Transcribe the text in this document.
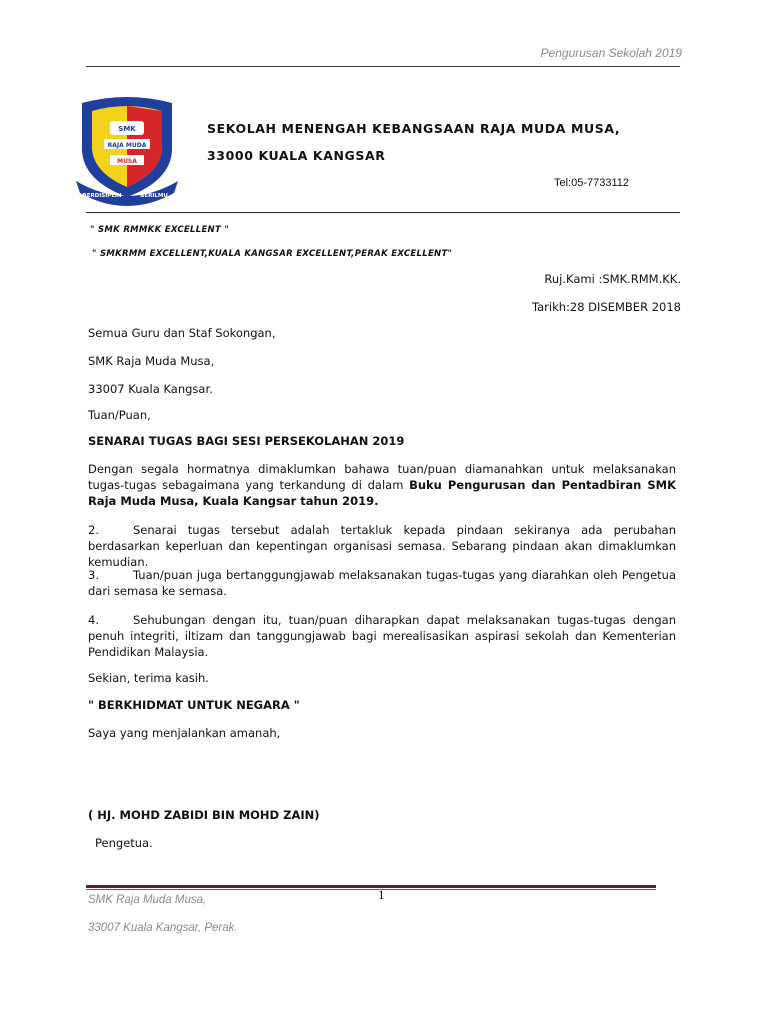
Pengurusan Sekolah 2019
SMK
RAJA MUDA
MUSA
BERDISIPLIN	BERILMU
SEKOLAH MENENGAH KEBANGSAAN RAJA MUDA MUSA,
33000 KUALA KANGSAR
Tel:05-7733112
" SMK RMMKK EXCELLENT "
" SMKRMM EXCELLENT,KUALA KANGSAR EXCELLENT,PERAK EXCELLENT"
Ruj.Kami :SMK.RMM.KK.
Tarikh:28 DISEMBER 2018
Semua Guru dan Staf Sokongan,
SMK Raja Muda Musa,
33007 Kuala Kangsar.
Tuan/Puan,
SENARAI TUGAS BAGI SESI PERSEKOLAHAN 2019

Dengan segala hormatnya dimaklumkan bahawa tuan/puan diamanahkan untuk melaksanakan tugas-tugas sebagaimana yang terkandung di dalam Buku Pengurusan dan Pentadbiran SMK Raja Muda Musa, Kuala Kangsar tahun 2019.

2.	Senarai tugas tersebut adalah tertakluk kepada pindaan sekiranya ada perubahan berdasarkan keperluan dan kepentingan organisasi semasa. Sebarang pindaan akan dimaklumkan kemudian.

3.	Tuan/puan juga bertanggungjawab melaksanakan tugas-tugas yang diarahkan oleh Pengetua dari semasa ke semasa.

4.	Sehubungan dengan itu, tuan/puan diharapkan dapat melaksanakan tugas-tugas dengan penuh integriti, iltizam dan tanggungjawab bagi merealisasikan aspirasi sekolah dan Kementerian Pendidikan Malaysia.

Sekian, terima kasih.
" BERKHIDMAT UNTUK NEGARA "
Saya yang menjalankan amanah,
( HJ. MOHD ZABIDI BIN MOHD ZAIN)
Pengetua.
1
SMK Raja Muda Musa,
33007 Kuala Kangsar, Perak.
